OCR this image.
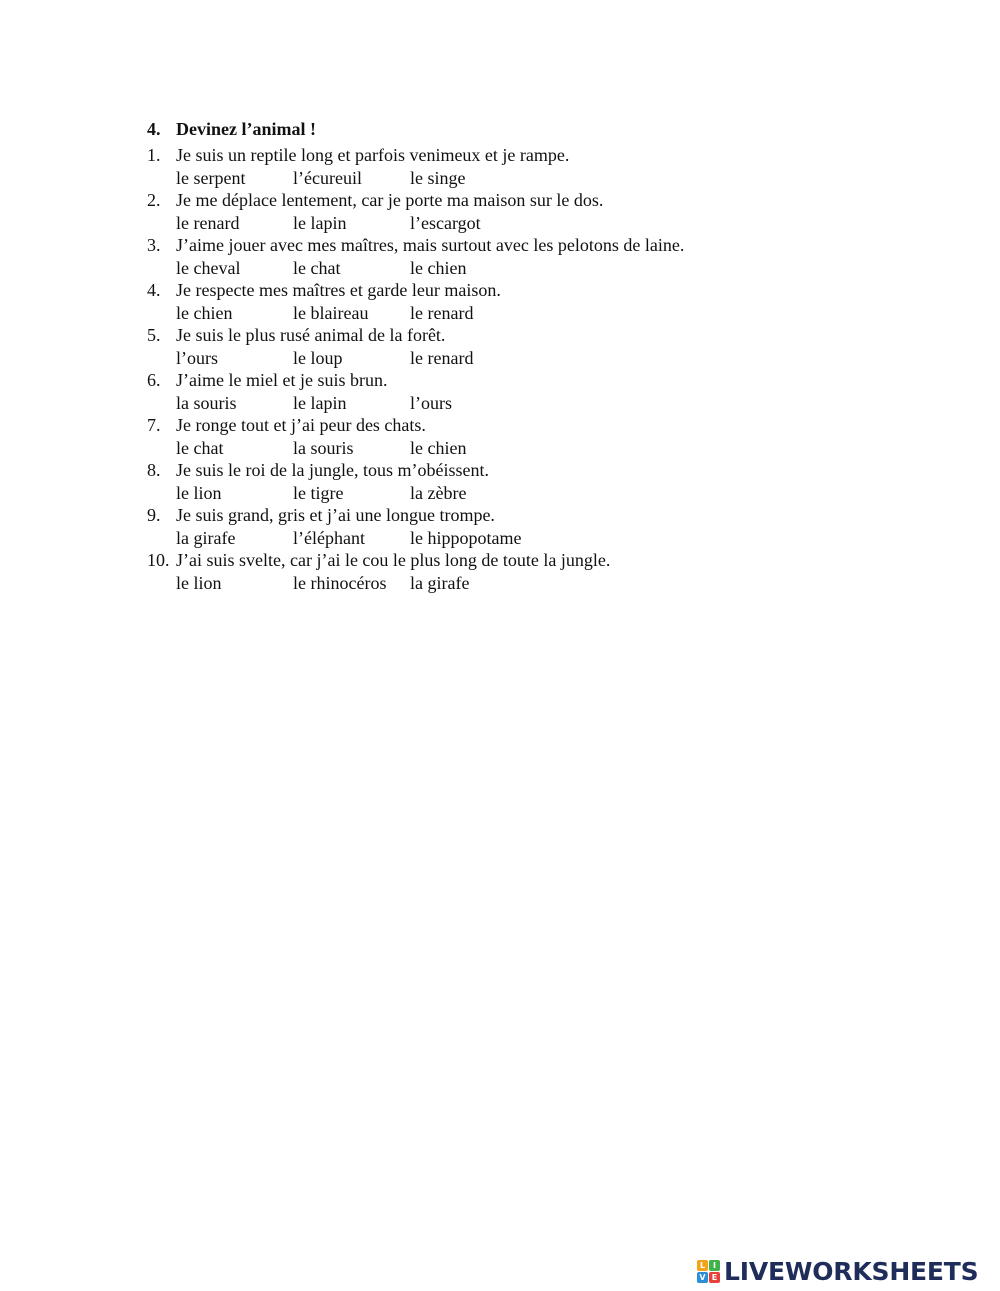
4. Devinez l’animal !
1. Je suis un reptile long et parfois venimeux et je rampe.
le serpent	l’écureuil	le singe
2. Je me déplace lentement, car je porte ma maison sur le dos.
le renard	le lapin	l’escargot
3. J’aime jouer avec mes maîtres, mais surtout avec les pelotons de laine.
le cheval	le chat	le chien
4. Je respecte mes maîtres et garde leur maison.
le chien	le blaireau	le renard
5. Je suis le plus rusé animal de la forêt.
l’ours	le loup	le renard
6. J’aime le miel et je suis brun.
la souris	le lapin	l’ours
7. Je ronge tout et j’ai peur des chats.
le chat	la souris	le chien
8. Je suis le roi de la jungle, tous m’obéissent.
le lion	le tigre	la zèbre
9. Je suis grand, gris et j’ai une longue trompe.
la girafe	l’éléphant	le hippopotame
10. J’ai suis svelte, car j’ai le cou le plus long de toute la jungle.
le lion	le rhinocéros	la girafe
L I
V E LIVEWORKSHEETS
